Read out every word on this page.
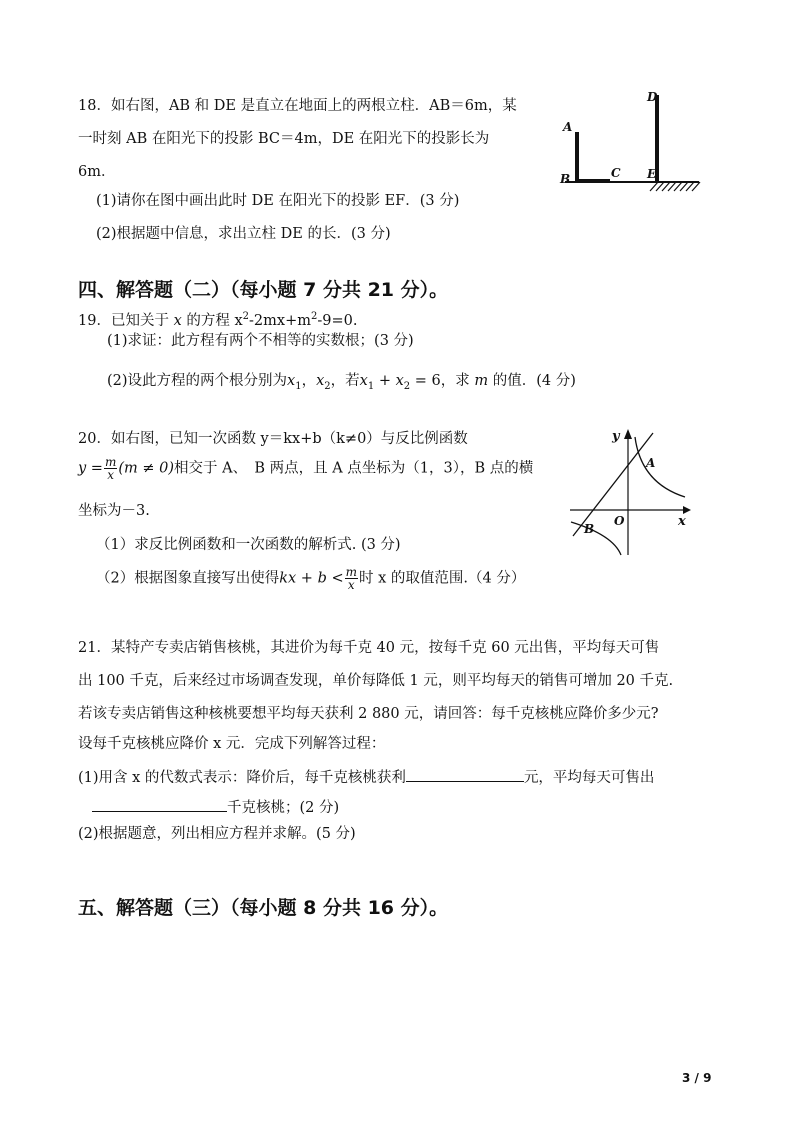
18．如右图，AB 和 DE 是直立在地面上的两根立柱．AB＝6m，某
一时刻 AB 在阳光下的投影 BC＝4m，DE 在阳光下的投影长为
6m．
(1)请你在图中画出此时 DE 在阳光下的投影 EF．(3 分)
(2)根据题中信息，求出立柱 DE 的长．(3 分)
A
B	C
D
E
四、解答题（二）（每小题 7 分共 21 分）。
19．已知关于 x 的方程 $x^2-2mx+m^2-9=0$.
(1)求证：此方程有两个不相等的实数根；(3 分)
(2)设此方程的两个根分别为$x_1$，$x_2$，若$x_1 + x_2 = 6$，求 m 的值．(4 分)
20．如右图，已知一次函数 y＝kx+b（k≠0）与反比例函数
$y = \frac{m}{x} (m \ne 0)$相交于 A、　B 两点，且 A 点坐标为（1，3），B 点的横
坐标为－3.
（1）求反比例函数和一次函数的解析式. (3 分)
（2）根据图象直接写出使得kx + $b < \frac{m}{x}$ 时 x 的取值范围.（4 分）
y
x
O
A
B
21．某特产专卖店销售核桃，其进价为每千克 40 元，按每千克 60 元出售，平均每天可售
出 100 千克，后来经过市场调查发现，单价每降低 1 元，则平均每天的销售可增加 20 千克.
若该专卖店销售这种核桃要想平均每天获利 2 880 元，请回答：每千克核桃应降价多少元?
设每千克核桃应降价 x 元．完成下列解答过程：
(1)用含 x 的代数式表示：降价后，每千克核桃获利	元，平均每天可售出
千克核桃；(2 分)
(2)根据题意，列出相应方程并求解。(5 分)
五、解答题（三）（每小题 8 分共 16 分）。
3 / 9
